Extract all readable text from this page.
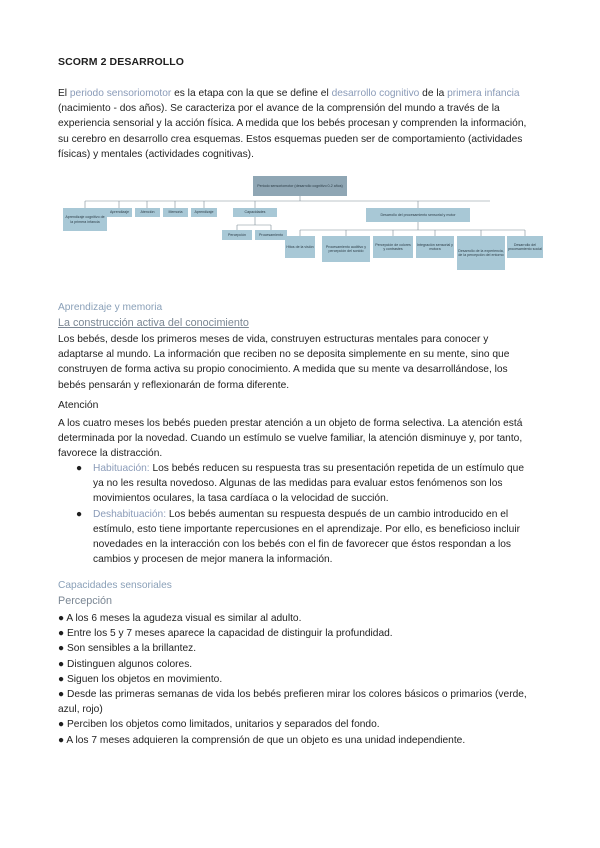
SCORM 2 DESARROLLO
El periodo sensoriomotor es la etapa con la que se define el desarrollo cognitivo de la primera infancia (nacimiento - dos años). Se caracteriza por el avance de la comprensión del mundo a través de la experiencia sensorial y la acción física. A medida que los bebés procesan y comprenden la información, su cerebro en desarrollo crea esquemas. Estos esquemas pueden ser de comportamiento (actividades físicas) y mentales (actividades cognitivas).
Periodo sensoriomotor (desarrollo cognitivo 0-2 años)
Aprendizaje cognitivo de la primera infancia
Aprendizaje	Atención	Memoria	Aprendizaje	Capacidades
Percepción	Procesamiento
Desarrollo del procesamiento sensorial y motor
Hitos de la visión	Procesamiento auditivo y percepción del sonido
Percepción de colores y contrastes
Integración sensorial y motora	Desarrollo de la experiencia, de la percepción del entorno
Desarrollo del procesamiento social
Aprendizaje y memoria
La construcción activa del conocimiento
Los bebés, desde los primeros meses de vida, construyen estructuras mentales para conocer y adaptarse al mundo. La información que reciben no se deposita simplemente en su mente, sino que construyen de forma activa su propio conocimiento. A medida que su mente va desarrollándose, los bebés pensarán y reflexionarán de forma diferente.
Atención
A los cuatro meses los bebés pueden prestar atención a un objeto de forma selectiva. La atención está determinada por la novedad. Cuando un estímulo se vuelve familiar, la atención disminuye y, por tanto, favorece la distracción.
● Habituación: Los bebés reducen su respuesta tras su presentación repetida de un estímulo que ya no les resulta novedoso. Algunas de las medidas para evaluar estos fenómenos son los movimientos oculares, la tasa cardíaca o la velocidad de succión.
● Deshabituación: Los bebés aumentan su respuesta después de un cambio introducido en el estímulo, esto tiene importante repercusiones en el aprendizaje. Por ello, es beneficioso incluir novedades en la interacción con los bebés con el fin de favorecer que éstos respondan a los cambios y procesen de mejor manera la información.
Capacidades sensoriales
Percepción
● A los 6 meses la agudeza visual es similar al adulto.
● Entre los 5 y 7 meses aparece la capacidad de distinguir la profundidad.
● Son sensibles a la brillantez.
● Distinguen algunos colores.
● Siguen los objetos en movimiento.
● Desde las primeras semanas de vida los bebés prefieren mirar los colores básicos o primarios (verde, azul, rojo)
● Perciben los objetos como limitados, unitarios y separados del fondo.
● A los 7 meses adquieren la comprensión de que un objeto es una unidad independiente.
